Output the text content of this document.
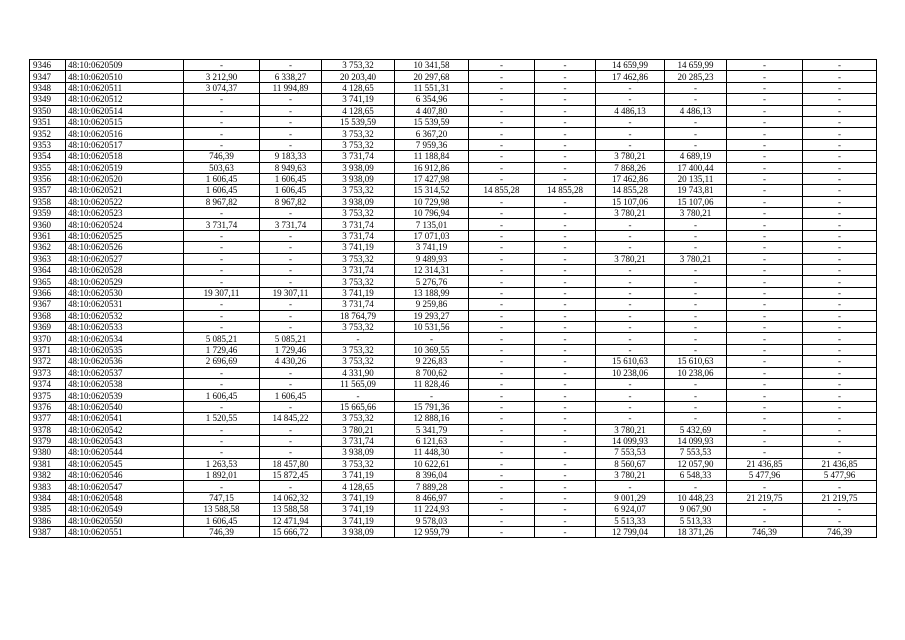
9346	48:10:0620509	-	-	3 753,32	10 341,58	-	-	14 659,99	14 659,99	-	-
9347	48:10:0620510	3 212,90	6 338,27	20 203,40	20 297,68	-	-	17 462,86	20 285,23	-	-
9348	48:10:0620511	3 074,37	11 994,89	4 128,65	11 551,31	-	-	-	-	-	-
9349	48:10:0620512	-	-	3 741,19	6 354,96	-	-	-	-	-	-
9350	48:10:0620514	-	-	4 128,65	4 407,80	-	-	4 486,13	4 486,13	-	-
9351	48:10:0620515	-	-	15 539,59	15 539,59	-	-	-	-	-	-
9352	48:10:0620516	-	-	3 753,32	6 367,20	-	-	-	-	-	-
9353	48:10:0620517	-	-	3 753,32	7 959,36	-	-	-	-	-	-
9354	48:10:0620518	746,39	9 183,33	3 731,74	11 188,84	-	-	3 780,21	4 689,19	-	-
9355	48:10:0620519	503,63	8 949,63	3 938,09	16 912,86	-	-	7 868,26	17 400,44	-	-
9356	48:10:0620520	1 606,45	1 606,45	3 938,09	17 427,98	-	-	17 462,86	20 135,11	-	-
9357	48:10:0620521	1 606,45	1 606,45	3 753,32	15 314,52	14 855,28	14 855,28	14 855,28	19 743,81	-	-
9358	48:10:0620522	8 967,82	8 967,82	3 938,09	10 729,98	-	-	15 107,06	15 107,06	-	-
9359	48:10:0620523	-	-	3 753,32	10 796,94	-	-	3 780,21	3 780,21	-	-
9360	48:10:0620524	3 731,74	3 731,74	3 731,74	7 135,01	-	-	-	-	-	-
9361	48:10:0620525	-	-	3 731,74	17 071,03	-	-	-	-	-	-
9362	48:10:0620526	-	-	3 741,19	3 741,19	-	-	-	-	-	-
9363	48:10:0620527	-	-	3 753,32	9 489,93	-	-	3 780,21	3 780,21	-	-
9364	48:10:0620528	-	-	3 731,74	12 314,31	-	-	-	-	-	-
9365	48:10:0620529	-	-	3 753,32	5 276,76	-	-	-	-	-	-
9366	48:10:0620530	19 307,11	19 307,11	3 741,19	13 188,99	-	-	-	-	-	-
9367	48:10:0620531	-	-	3 731,74	9 259,86	-	-	-	-	-	-
9368	48:10:0620532	-	-	18 764,79	19 293,27	-	-	-	-	-	-
9369	48:10:0620533	-	-	3 753,32	10 531,56	-	-	-	-	-	-
9370	48:10:0620534	5 085,21	5 085,21	-	-	-	-	-	-	-	-
9371	48:10:0620535	1 729,46	1 729,46	3 753,32	10 369,55	-	-	-	-	-	-
9372	48:10:0620536	2 696,69	4 430,26	3 753,32	9 226,83	-	-	15 610,63	15 610,63	-	-
9373	48:10:0620537	-	-	4 331,90	8 700,62	-	-	10 238,06	10 238,06	-	-
9374	48:10:0620538	-	-	11 565,09	11 828,46	-	-	-	-	-	-
9375	48:10:0620539	1 606,45	1 606,45	-	-	-	-	-	-	-	-
9376	48:10:0620540	-	-	15 665,66	15 791,36	-	-	-	-	-	-
9377	48:10:0620541	1 520,55	14 845,22	3 753,32	12 888,16	-	-	-	-	-	-
9378	48:10:0620542	-	-	3 780,21	5 341,79	-	-	3 780,21	5 432,69	-	-
9379	48:10:0620543	-	-	3 731,74	6 121,63	-	-	14 099,93	14 099,93	-	-
9380	48:10:0620544	-	-	3 938,09	11 448,30	-	-	7 553,53	7 553,53	-	-
9381	48:10:0620545	1 263,53	18 457,80	3 753,32	10 622,61	-	-	8 560,67	12 057,90	21 436,85	21 436,85
9382	48:10:0620546	1 892,01	15 872,45	3 741,19	8 396,04	-	-	3 780,21	6 548,33	5 477,96	5 477,96
9383	48:10:0620547	-	-	4 128,65	7 889,28	-	-	-	-	-	-
9384	48:10:0620548	747,15	14 062,32	3 741,19	8 466,97	-	-	9 001,29	10 448,23	21 219,75	21 219,75
9385	48:10:0620549	13 588,58	13 588,58	3 741,19	11 224,93	-	-	6 924,07	9 067,90	-	-
9386	48:10:0620550	1 606,45	12 471,94	3 741,19	9 578,03	-	-	5 513,33	5 513,33	-	-
9387	48:10:0620551	746,39	15 666,72	3 938,09	12 959,79	-	-	12 799,04	18 371,26	746,39	746,39
